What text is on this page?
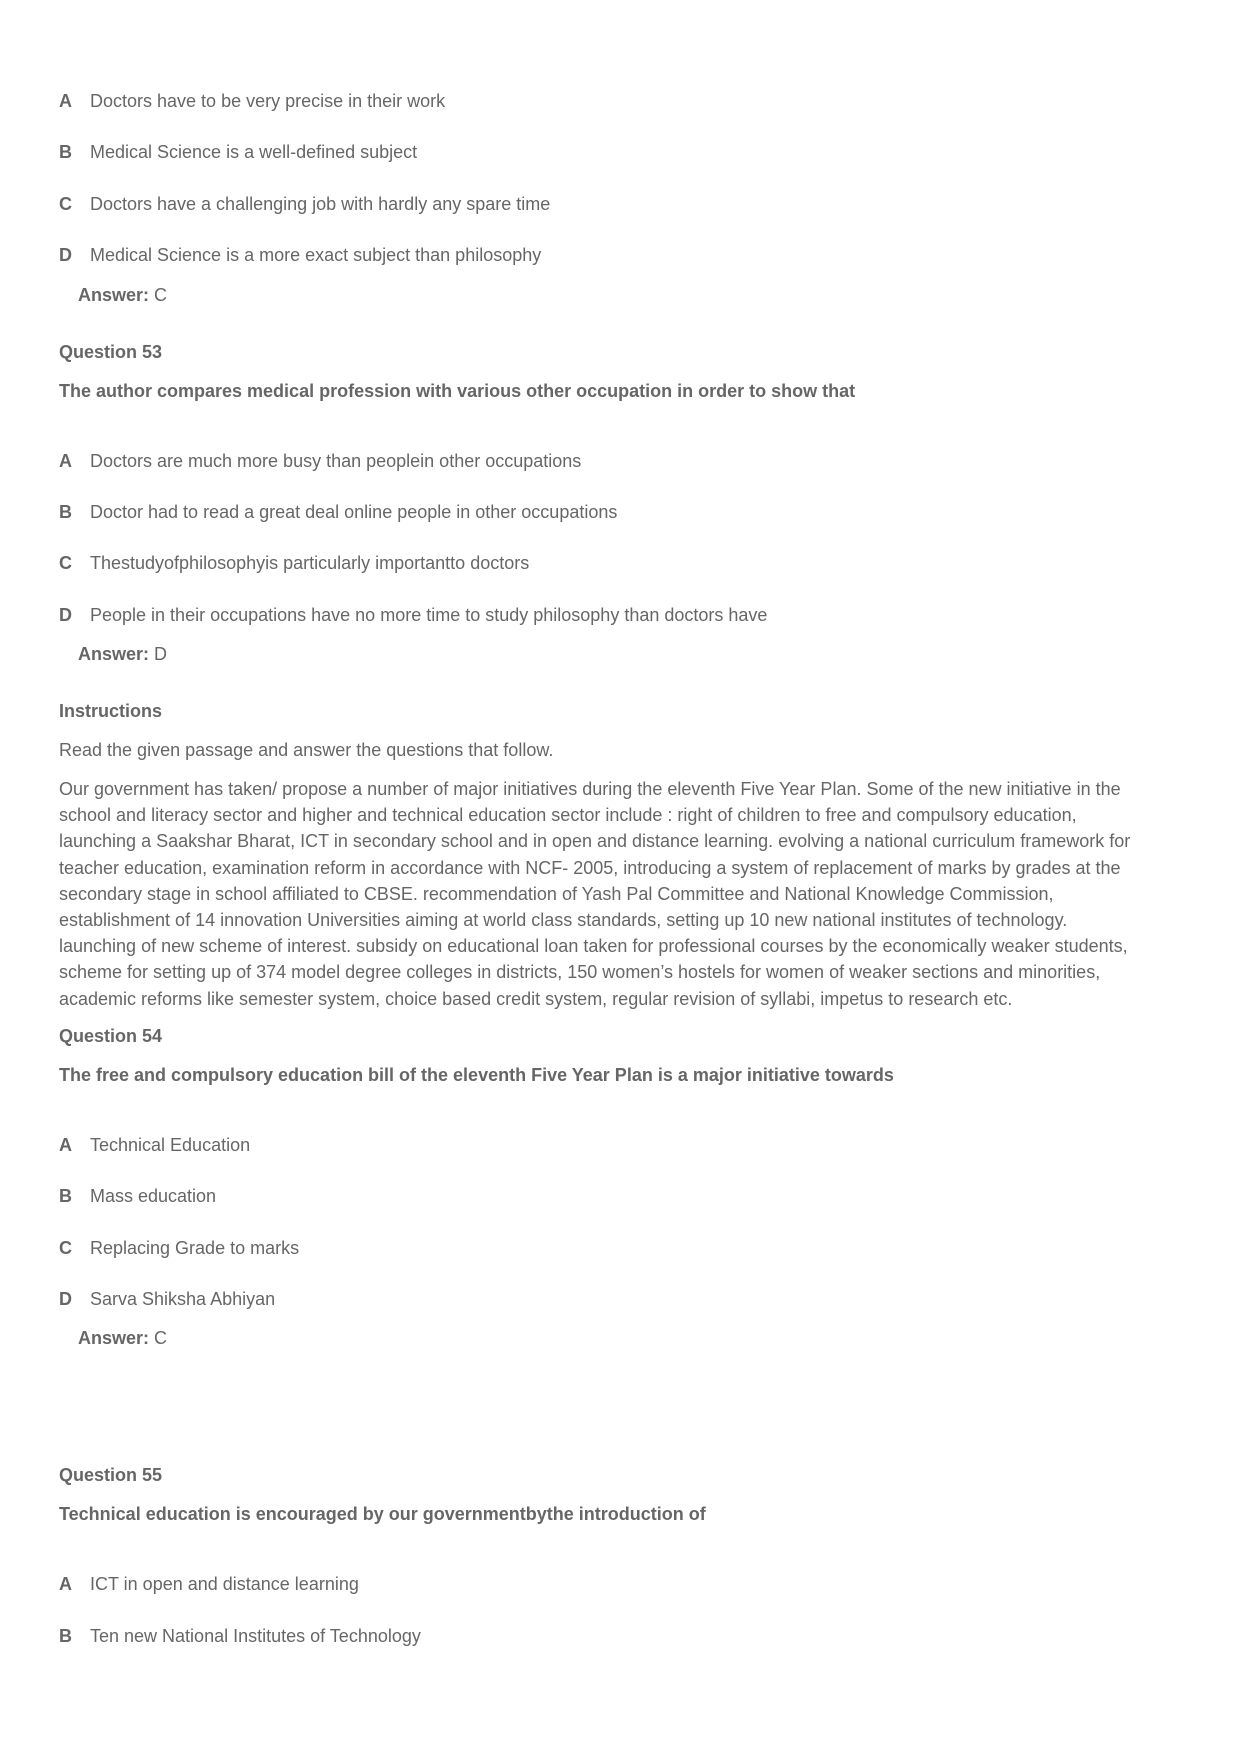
A Doctors have to be very precise in their work
B Medical Science is a well-defined subject
C Doctors have a challenging job with hardly any spare time
D Medical Science is a more exact subject than philosophy
Answer: C
Question 53
The author compares medical profession with various other occupation in order to show that
A Doctors are much more busy than peoplein other occupations
B Doctor had to read a great deal online people in other occupations
C Thestudyofphilosophyis particularly importantto doctors
D People in their occupations have no more time to study philosophy than doctors have
Answer: D
Instructions
Read the given passage and answer the questions that follow.
Our government has taken/ propose a number of major initiatives during the eleventh Five Year Plan. Some of the new initiative in the
school and literacy sector and higher and technical education sector include : right of children to free and compulsory education,
launching a Saakshar Bharat, ICT in secondary school and in open and distance learning. evolving a national curriculum framework for
teacher education, examination reform in accordance with NCF- 2005, introducing a system of replacement of marks by grades at the
secondary stage in school affiliated to CBSE. recommendation of Yash Pal Committee and National Knowledge Commission,
establishment of 14 innovation Universities aiming at world class standards, setting up 10 new national institutes of technology.
launching of new scheme of interest. subsidy on educational loan taken for professional courses by the economically weaker students,
scheme for setting up of 374 model degree colleges in districts, 150 women’s hostels for women of weaker sections and minorities,
academic reforms like semester system, choice based credit system, regular revision of syllabi, impetus to research etc.
Question 54
The free and compulsory education bill of the eleventh Five Year Plan is a major initiative towards
A Technical Education
B Mass education
C Replacing Grade to marks
D Sarva Shiksha Abhiyan
Answer: C
Question 55
Technical education is encouraged by our governmentbythe introduction of
A ICT in open and distance learning
B Ten new National Institutes of Technology
